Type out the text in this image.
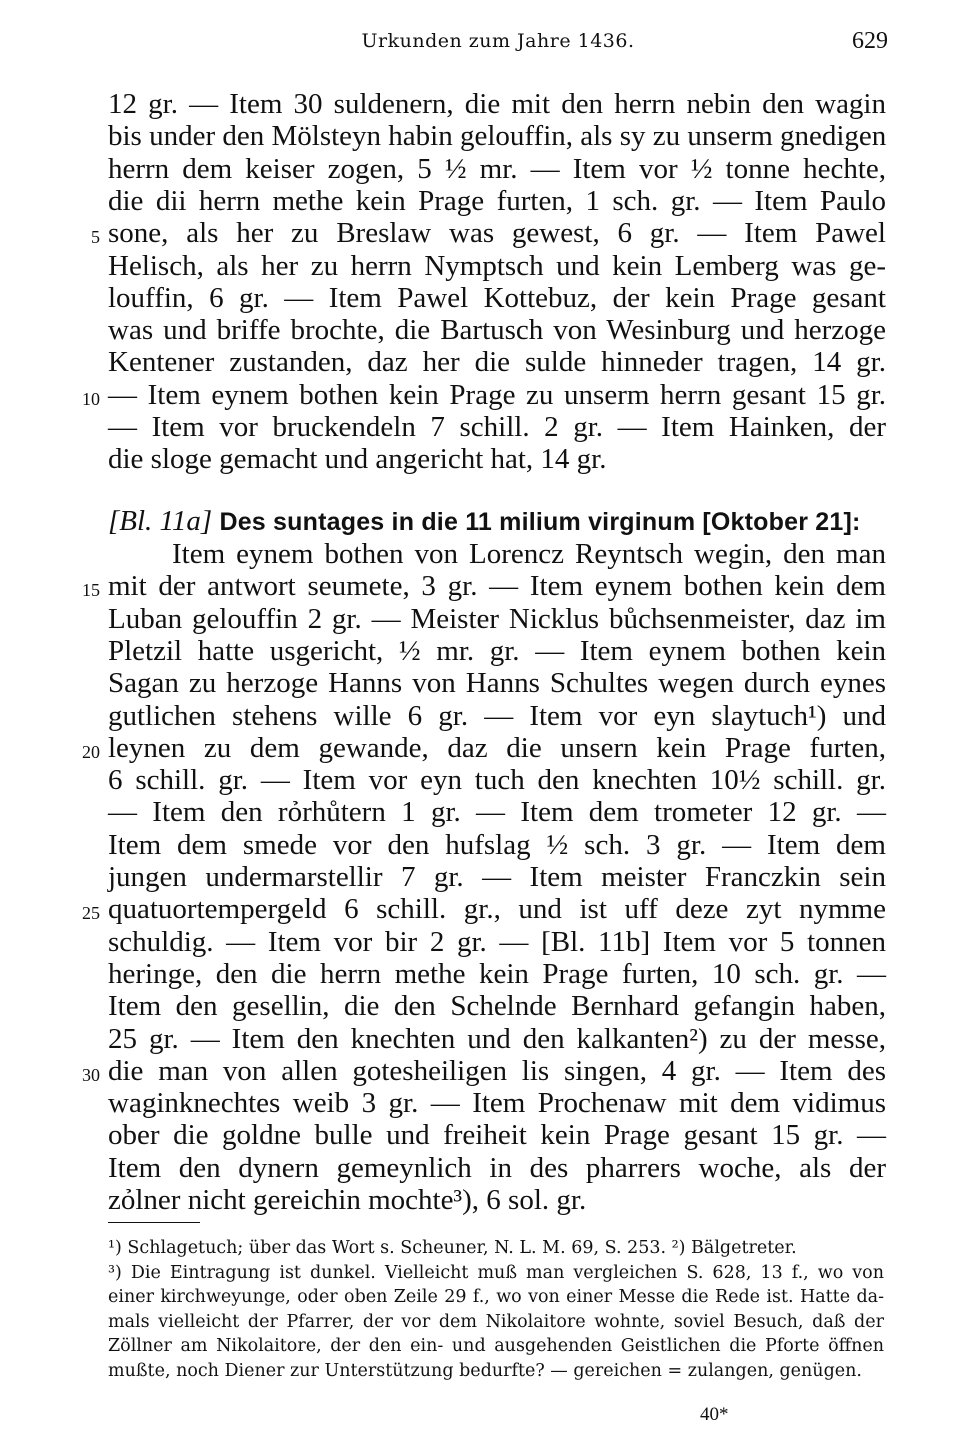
Urkunden zum Jahre 1436.	629
12 gr. — Item 30 suldenern, die mit den herrn nebin den wagin
bis under den Mölsteyn habin gelouffin, als sy zu unserm gnedigen
herrn dem keiser zogen, 5 ½ mr. — Item vor ½ tonne hechte,
die dii herrn methe kein Prage furten, 1 sch. gr. — Item Paulo
sone, als her zu Breslaw was gewest, 6 gr. — Item Pawel
Helisch, als her zu herrn Nymptsch und kein Lemberg was ge-
louffin, 6 gr. — Item Pawel Kottebuz, der kein Prage gesant
was und briffe brochte, die Bartusch von Wesinburg und herzoge
Kentener zustanden, daz her die sulde hinneder tragen, 14 gr.
— Item eynem bothen kein Prage zu unserm herrn gesant 15 gr.
— Item vor bruckendeln 7 schill. 2 gr. — Item Hainken, der
die sloge gemacht und angericht hat, 14 gr.
[Bl. 11a] Des suntages in die 11 milium virginum [Oktober 21]:
Item eynem bothen von Lorencz Reyntsch wegin, den man
mit der antwort seumete, 3 gr. — Item eynem bothen kein dem
Luban gelouffin 2 gr. — Meister Nicklus bůchsenmeister, daz im
Pletzil hatte usgericht, ½ mr. gr. — Item eynem bothen kein
Sagan zu herzoge Hanns von Hanns Schultes wegen durch eynes
gutlichen stehens wille 6 gr. — Item vor eyn slaytuch¹) und
leynen zu dem gewande, daz die unsern kein Prage furten,
6 schill. gr. — Item vor eyn tuch den knechten 10½ schill. gr.
— Item den rỏrhůtern 1 gr. — Item dem trometer 12 gr. —
Item dem smede vor den hufslag ½ sch. 3 gr. — Item dem
jungen undermarstellir 7 gr. — Item meister Franczkin sein
quatuortempergeld 6 schill. gr., und ist uff deze zyt nymme
schuldig. — Item vor bir 2 gr. — [Bl. 11b] Item vor 5 tonnen
heringe, den die herrn methe kein Prage furten, 10 sch. gr. —
Item den gesellin, die den Schelnde Bernhard gefangin haben,
25 gr. — Item den knechten und den kalkanten²) zu der messe,
die man von allen gotesheiligen lis singen, 4 gr. — Item des
waginknechtes weib 3 gr. — Item Prochenaw mit dem vidimus
ober die goldne bulle und freiheit kein Prage gesant 15 gr. —
Item den dynern gemeynlich in des pharrers woche, als der
zỏlner nicht gereichin mochte³), 6 sol. gr.
5
10
15
20
25
30
¹) Schlagetuch; über das Wort s. Scheuner, N. L. M. 69, S. 253. ²) Bälgetreter.
³) Die Eintragung ist dunkel. Vielleicht muß man vergleichen S. 628, 13 f., wo von
einer kirchweyunge, oder oben Zeile 29 f., wo von einer Messe die Rede ist. Hatte da-
mals vielleicht der Pfarrer, der vor dem Nikolaitore wohnte, soviel Besuch, daß der
Zöllner am Nikolaitore, der den ein- und ausgehenden Geistlichen die Pforte öffnen
mußte, noch Diener zur Unterstützung bedurfte? — gereichen = zulangen, genügen.
40*
